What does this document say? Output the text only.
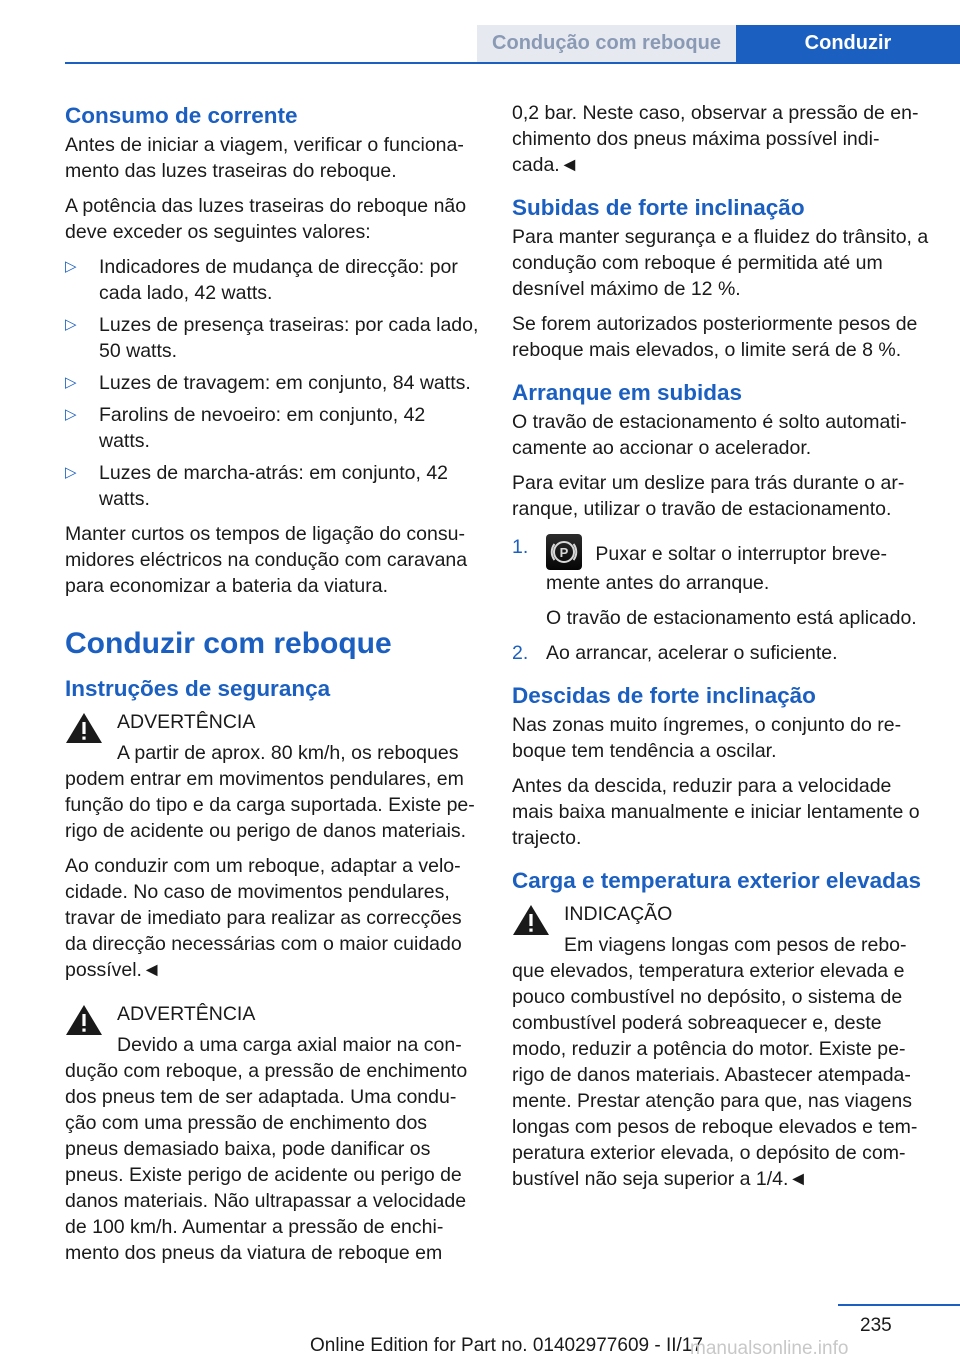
Condução com reboque	Conduzir
Consumo de corrente

Antes de iniciar a viagem, verificar o funcionamento das luzes traseiras do reboque.

A potência das luzes traseiras do reboque não deve exceder os seguintes valores:

▷ Indicadores de mudança de direcção: por cada lado, 42 watts.
▷ Luzes de presença traseiras: por cada lado, 50 watts.
▷ Luzes de travagem: em conjunto, 84 watts.
▷ Farolins de nevoeiro: em conjunto, 42 watts.
▷ Luzes de marcha-atrás: em conjunto, 42 watts.

Manter curtos os tempos de ligação do consumidores eléctricos na condução com caravana para economizar a bateria da viatura.

Conduzir com reboque
Instruções de segurança
ADVERTÊNCIA

A partir de aprox. 80 km/h, os reboques podem entrar em movimentos pendulares, em função do tipo e da carga suportada. Existe perigo de acidente ou perigo de danos materiais.

Ao conduzir com um reboque, adaptar a velocidade. No caso de movimentos pendulares, travar de imediato para realizar as correcções da direcção necessárias com o maior cuidado possível.◄

ADVERTÊNCIA

Devido a uma carga axial maior na condução com reboque, a pressão de enchimento dos pneus tem de ser adaptada. Uma condução com uma pressão de enchimento dos pneus demasiado baixa, pode danificar os pneus. Existe perigo de acidente ou perigo de danos materiais. Não ultrapassar a velocidade de 100 km/h. Aumentar a pressão de enchimento dos pneus da viatura de reboque em

0,2 bar. Neste caso, observar a pressão de enchimento dos pneus máxima possível indicada.◄

Subidas de forte inclinação

Para manter segurança e a fluidez do trânsito, a condução com reboque é permitida até um desnível máximo de 12 %.

Se forem autorizados posteriormente pesos de reboque mais elevados, o limite será de 8 %.

Arranque em subidas

O travão de estacionamento é solto automaticamente ao accionar o acelerador.

Para evitar um deslize para trás durante o arranque, utilizar o travão de estacionamento.

1. P Puxar e soltar o interruptor brevemente antes do arranque.
O travão de estacionamento está aplicado.
2. Ao arrancar, acelerar o suficiente.
Descidas de forte inclinação

Nas zonas muito íngremes, o conjunto do reboque tem tendência a oscilar.

Antes da descida, reduzir para a velocidade mais baixa manualmente e iniciar lentamente o trajecto.

Carga e temperatura exterior elevadas
INDICAÇÃO

Em viagens longas com pesos de reboque elevados, temperatura exterior elevada e pouco combustível no depósito, o sistema de combustível poderá sobreaquecer e, deste modo, reduzir a potência do motor. Existe perigo de danos materiais. Abastecer atempadamente. Prestar atenção para que, nas viagens longas com pesos de reboque elevados e temperatura exterior elevada, o depósito de combustível não seja superior a 1/4.◄

235
Online Edition for Part no. 01402977609 - II/17
manualsonline.info
